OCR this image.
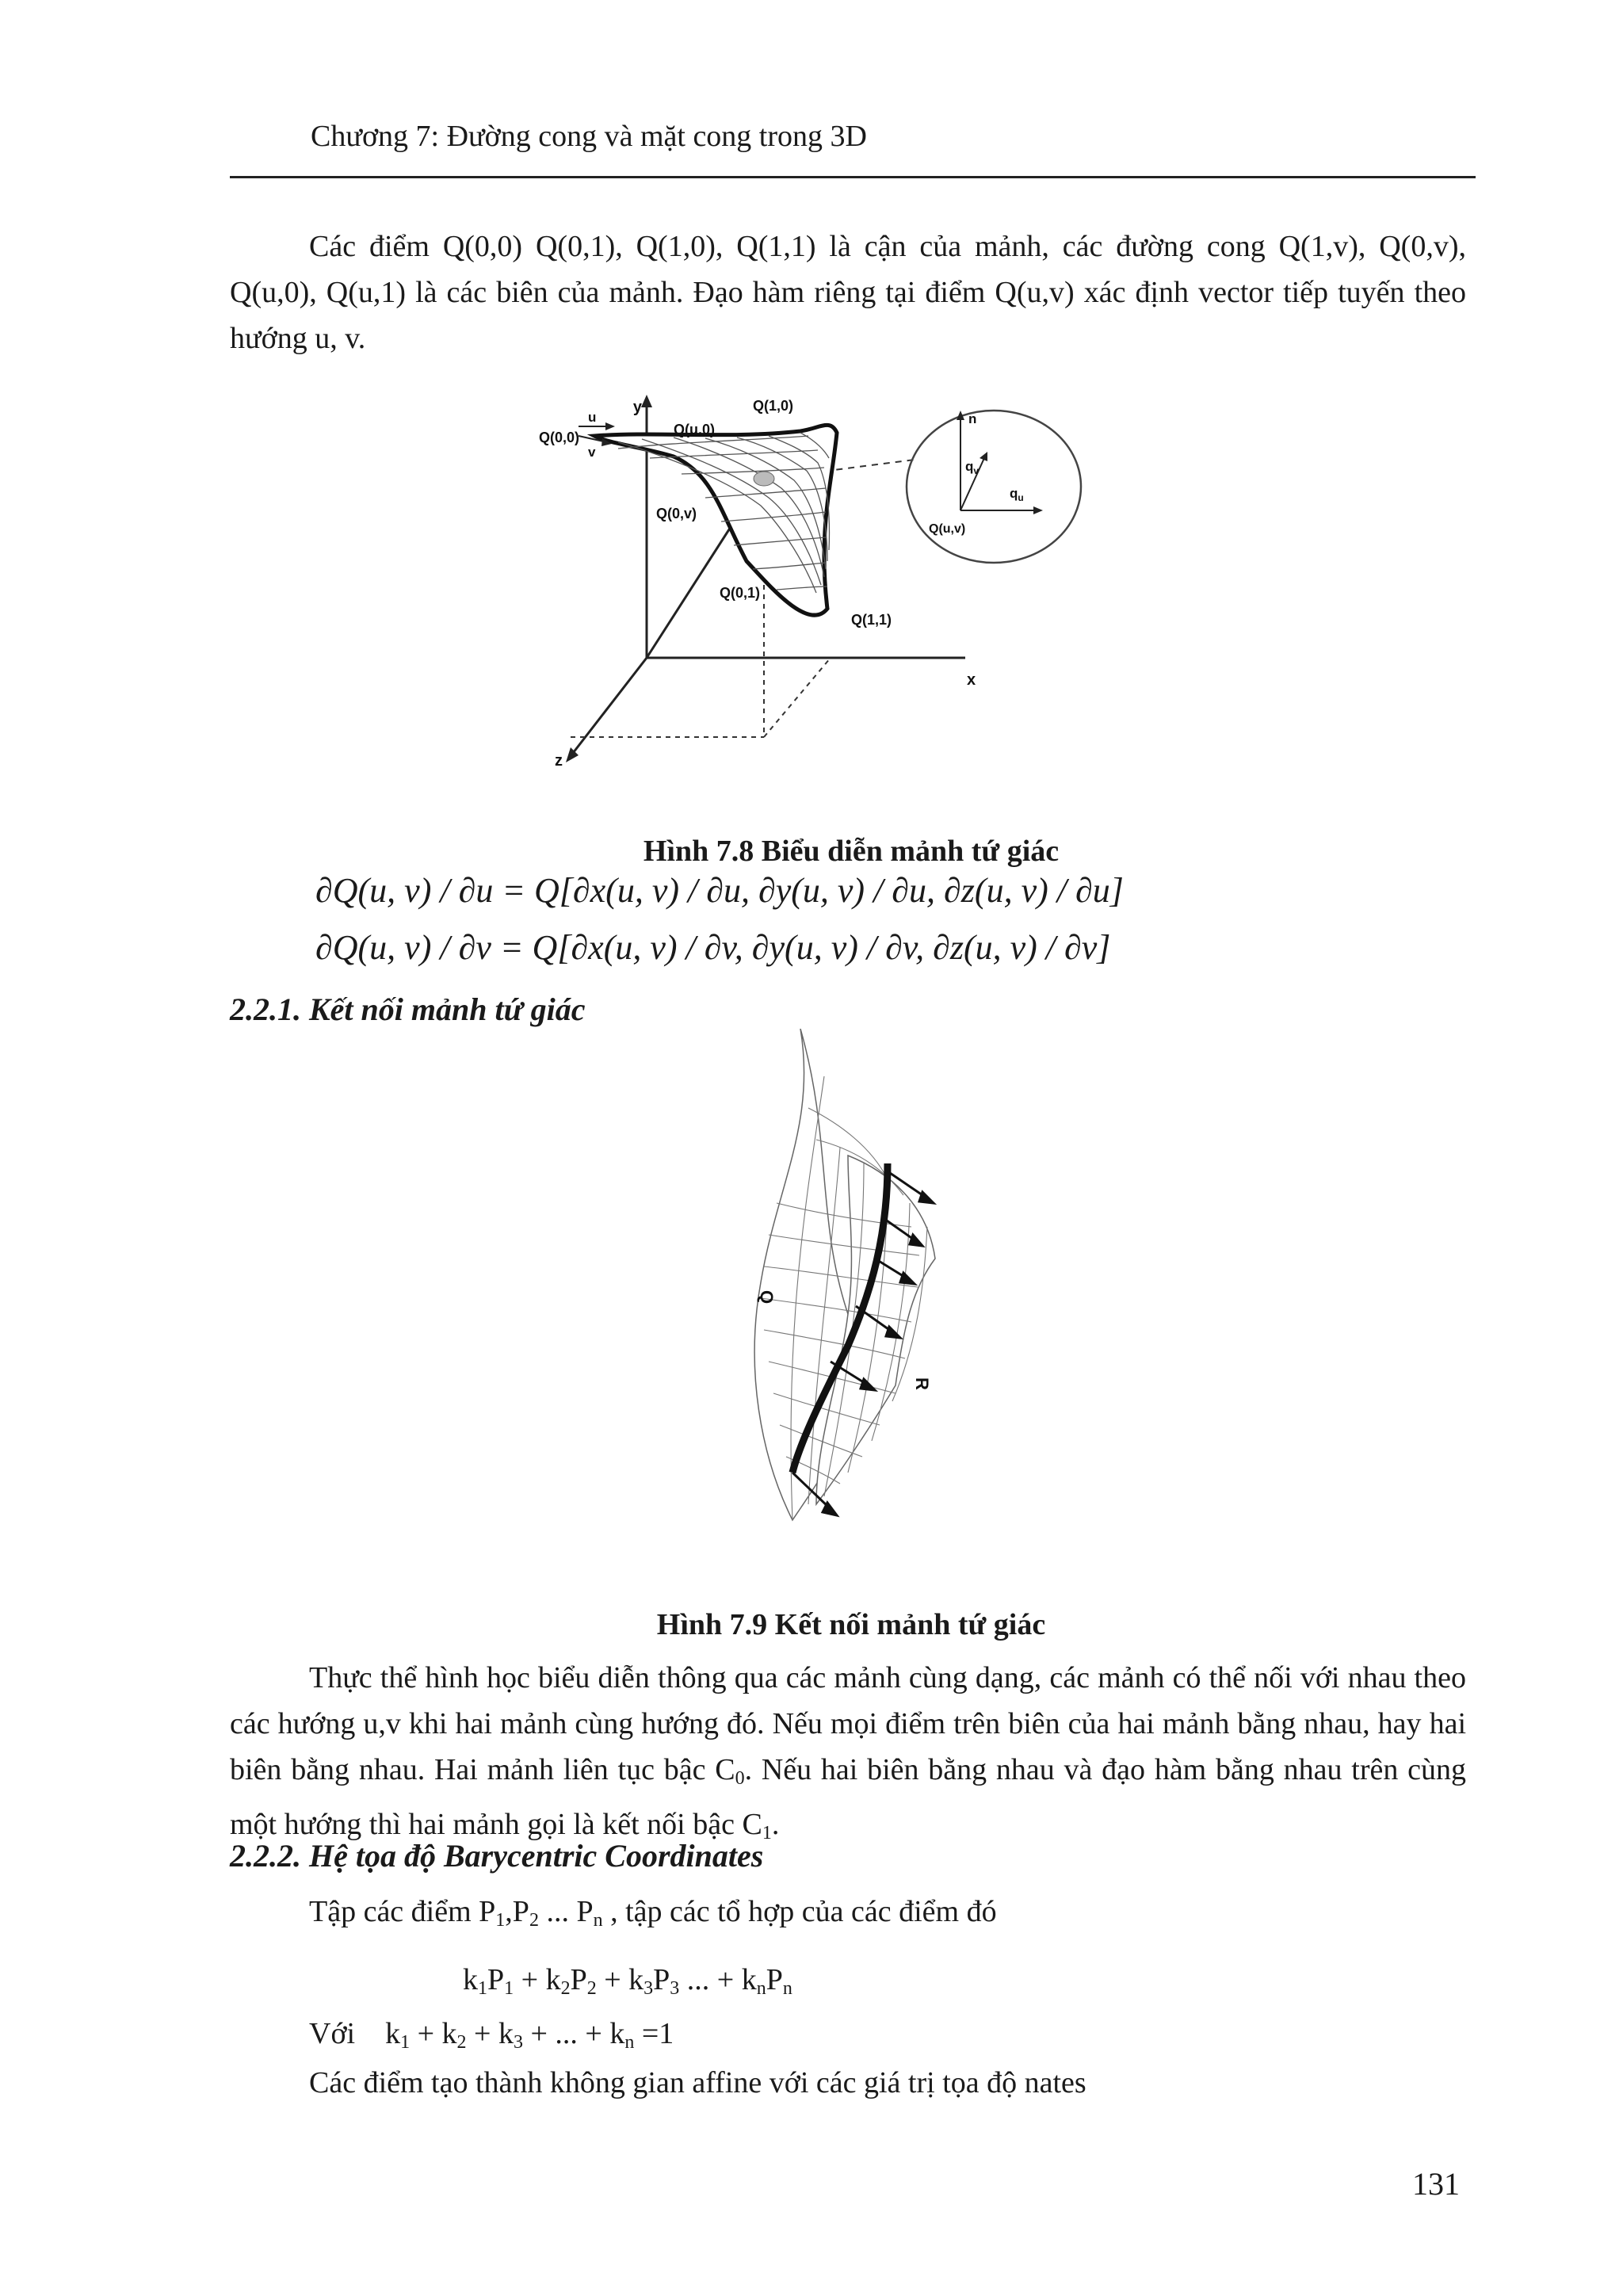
Chương 7: Đường cong và mặt cong trong 3D
Các điểm Q(0,0) Q(0,1), Q(1,0), Q(1,1) là cận của mảnh, các đường cong Q(1,v), Q(0,v), Q(u,0), Q(u,1) là các biên của mảnh. Đạo hàm riêng tại điểm Q(u,v) xác định vector tiếp tuyến theo hướng u, v.
y
x
z
u
v
Q(0,0)	Q(u,0)
Q(1,0)
Q(0,v)
Q(0,1)
Q(1,1)
n
$q_v$
$q_u$
Q(u,v)
Hình 7.8 Biểu diễn mảnh tứ giác
∂Q(u, v) / ∂u = Q[∂x(u, v) / ∂u, ∂y(u, v) / ∂u, ∂z(u, v) / ∂u]
∂Q(u, v) / ∂v = Q[∂x(u, v) / ∂v, ∂y(u, v) / ∂v, ∂z(u, v) / ∂v]
2.2.1. Kết nối mảnh tứ giác
Q
R
Hình 7.9 Kết nối mảnh tứ giác
Thực thể hình học biểu diễn thông qua các mảnh cùng dạng, các mảnh có thể nối với nhau theo các hướng u,v khi hai mảnh cùng hướng đó. Nếu mọi điểm trên biên của hai mảnh bằng nhau, hay hai biên bằng nhau. Hai mảnh liên tục bậc $C_0$. Nếu hai biên bằng nhau và đạo hàm bằng nhau trên cùng một hướng thì hai mảnh gọi là kết nối bậc $C_1$.
2.2.2. Hệ tọa độ Barycentric Coordinates
Tập các điểm $P_1,P_2$ ... $P_n$ , tập các tổ hợp của các điểm đó
$k_1P_1 + k_2P_2 + k_3P_3$ ... + $k_nP_n$
Với    $k_1 + k_2 + k_3$ + ... + $k_n =1$
Các điểm tạo thành không gian affine với các giá trị tọa độ nates
131
